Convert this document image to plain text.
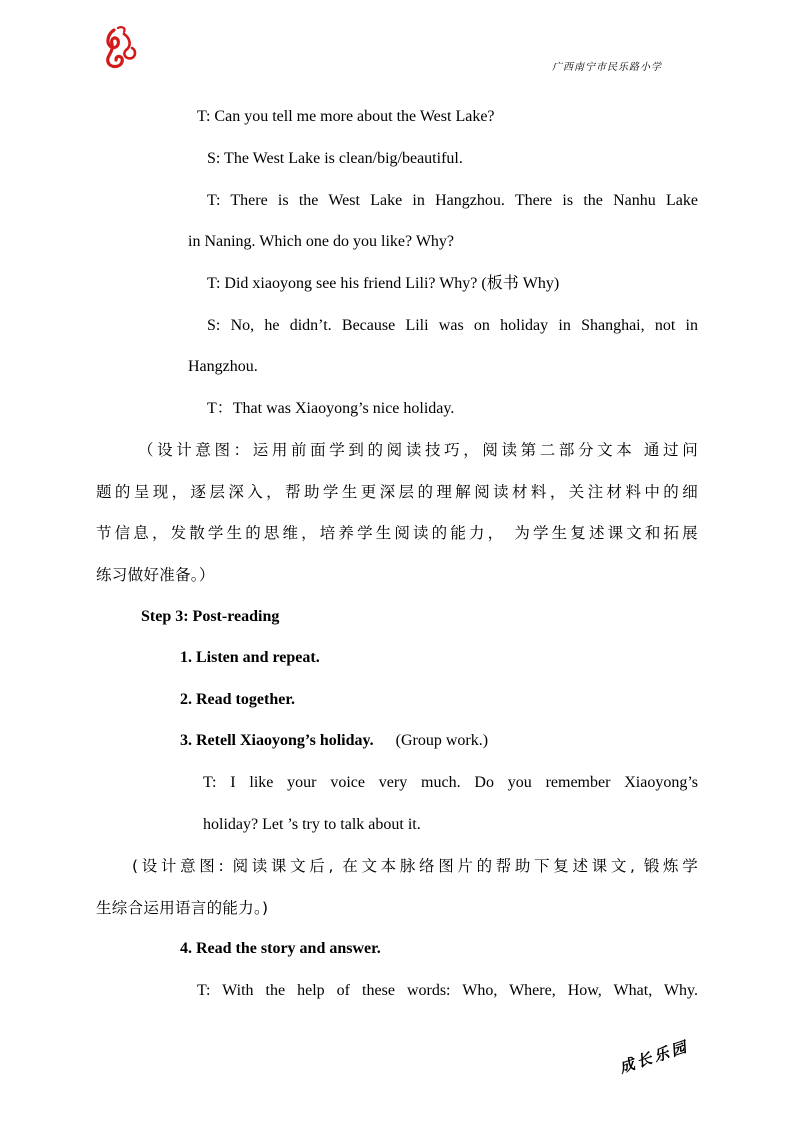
广西南宁市民乐路小学
T: Can you tell me more about the West Lake?
S: The West Lake is clean/big/beautiful.
T: There is the West Lake in Hangzhou. There is the Nanhu Lake
in Naning. Which one do you like? Why?
T: Did xiaoyong see his friend Lili? Why? (板书 Why)
S: No, he didn’t. Because Lili was on holiday in Shanghai, not in
Hangzhou.
T：That was Xiaoyong’s nice holiday.
（设计意图：运用前面学到的阅读技巧，阅读第二部分文本 通过问
题的呈现，逐层深入，帮助学生更深层的理解阅读材料，关注材料中的细
节信息，发散学生的思维，培养学生阅读的能力， 为学生复述课文和拓展
练习做好准备。）
Step 3: Post-reading
1. Listen and repeat.
2. Read together.
3. Retell Xiaoyong’s holiday. (Group work.)
T: I like your voice very much. Do you remember Xiaoyong’s
holiday? Let ’s try to talk about it.
(设计意图: 阅读课文后, 在文本脉络图片的帮助下复述课文, 锻炼学
生综合运用语言的能力。)
4. Read the story and answer.
T: With the help of these words: Who, Where, How, What, Why.
成长乐园
